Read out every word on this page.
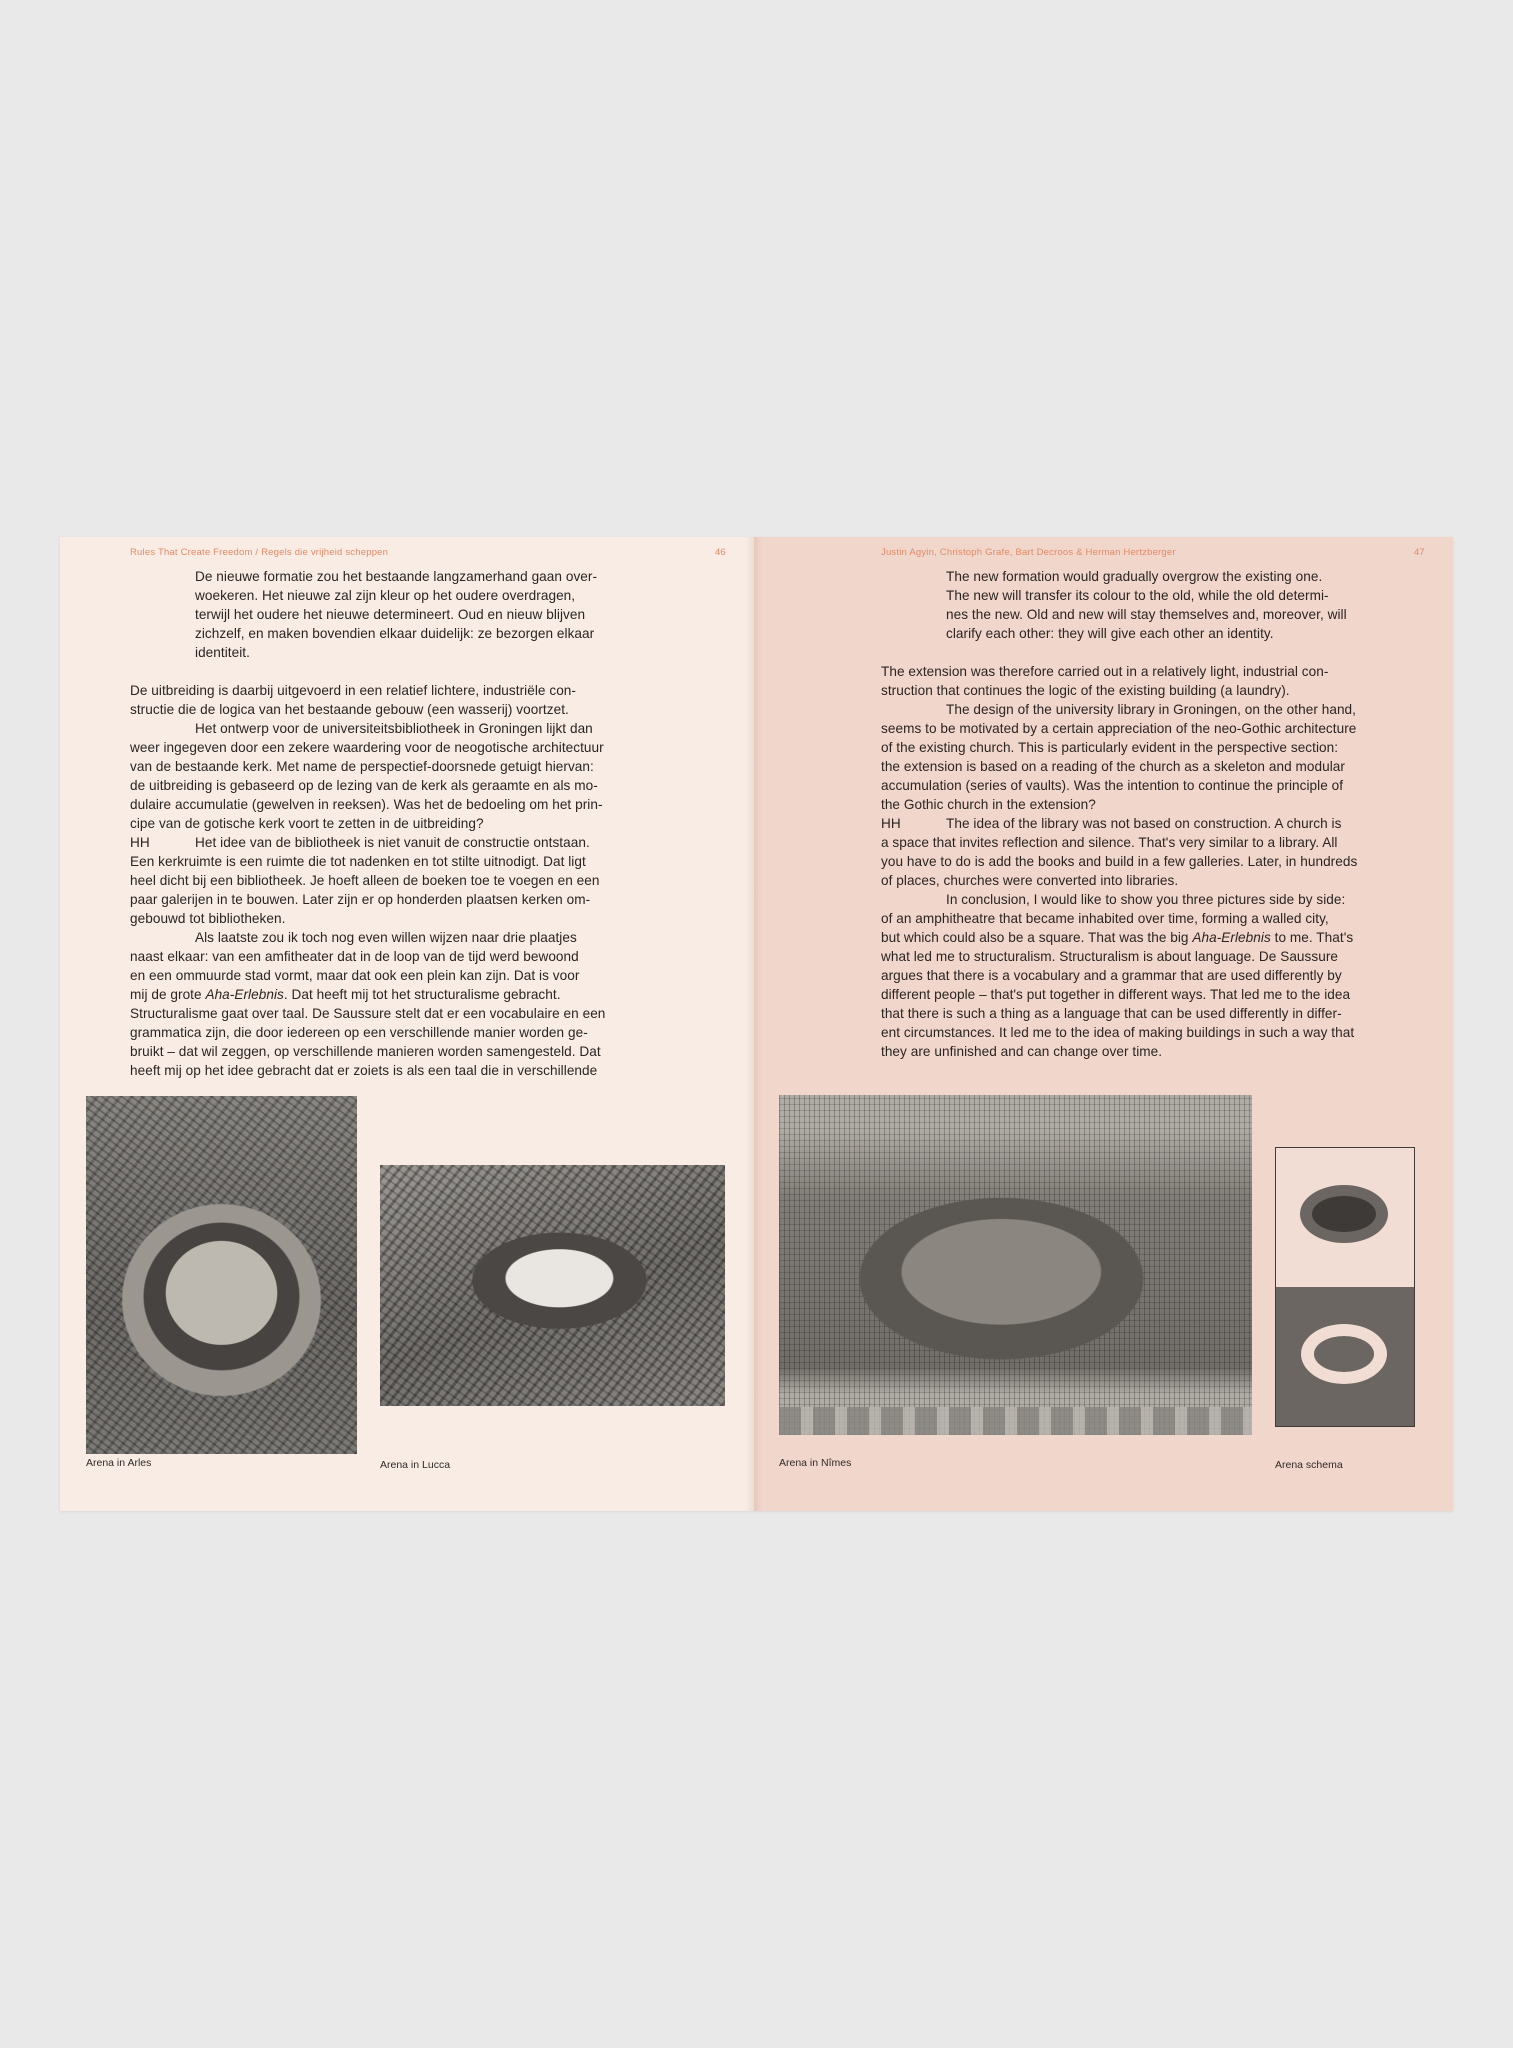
Rules That Create Freedom / Regels die vrijheid scheppen	46
De nieuwe formatie zou het bestaande langzamerhand gaan over-
woekeren. Het nieuwe zal zijn kleur op het oudere overdragen,
terwijl het oudere het nieuwe determineert. Oud en nieuw blijven
zichzelf, en maken bovendien elkaar duidelijk: ze bezorgen elkaar
identiteit.
De uitbreiding is daarbij uitgevoerd in een relatief lichtere, industriële con-
structie die de logica van het bestaande gebouw (een wasserij) voortzet.
Het ontwerp voor de universiteitsbibliotheek in Groningen lijkt dan
weer ingegeven door een zekere waardering voor de neogotische architectuur
van de bestaande kerk. Met name de perspectief-doorsnede getuigt hiervan:
de uitbreiding is gebaseerd op de lezing van de kerk als geraamte en als mo-
dulaire accumulatie (gewelven in reeksen). Was het de bedoeling om het prin-
cipe van de gotische kerk voort te zetten in de uitbreiding?
HH	Het idee van de bibliotheek is niet vanuit de constructie ontstaan.
Een kerkruimte is een ruimte die tot nadenken en tot stilte uitnodigt. Dat ligt
heel dicht bij een bibliotheek. Je hoeft alleen de boeken toe te voegen en een
paar galerijen in te bouwen. Later zijn er op honderden plaatsen kerken om-
gebouwd tot bibliotheken.
Als laatste zou ik toch nog even willen wijzen naar drie plaatjes
naast elkaar: van een amfitheater dat in de loop van de tijd werd bewoond
en een ommuurde stad vormt, maar dat ook een plein kan zijn. Dat is voor
mij de grote Aha-Erlebnis. Dat heeft mij tot het structuralisme gebracht.
Structuralisme gaat over taal. De Saussure stelt dat er een vocabulaire en een
grammatica zijn, die door iedereen op een verschillende manier worden ge-
bruikt – dat wil zeggen, op verschillende manieren worden samengesteld. Dat
heeft mij op het idee gebracht dat er zoiets is als een taal die in verschillende
Arena in Arles	Arena in Lucca
Justin Agyin, Christoph Grafe, Bart Decroos & Herman Hertzberger	47
The new formation would gradually overgrow the existing one.
The new will transfer its colour to the old, while the old determi-
nes the new. Old and new will stay themselves and, moreover, will
clarify each other: they will give each other an identity.
The extension was therefore carried out in a relatively light, industrial con-
struction that continues the logic of the existing building (a laundry).
The design of the university library in Groningen, on the other hand,
seems to be motivated by a certain appreciation of the neo-Gothic architecture
of the existing church. This is particularly evident in the perspective section:
the extension is based on a reading of the church as a skeleton and modular
accumulation (series of vaults). Was the intention to continue the principle of
the Gothic church in the extension?
HH	The idea of the library was not based on construction. A church is
a space that invites reflection and silence. That's very similar to a library. All
you have to do is add the books and build in a few galleries. Later, in hundreds
of places, churches were converted into libraries.
In conclusion, I would like to show you three pictures side by side:
of an amphitheatre that became inhabited over time, forming a walled city,
but which could also be a square. That was the big Aha-Erlebnis to me. That's
what led me to structuralism. Structuralism is about language. De Saussure
argues that there is a vocabulary and a grammar that are used differently by
different people – that's put together in different ways. That led me to the idea
that there is such a thing as a language that can be used differently in differ-
ent circumstances. It led me to the idea of making buildings in such a way that
they are unfinished and can change over time.
Arena in Nîmes	Arena schema
